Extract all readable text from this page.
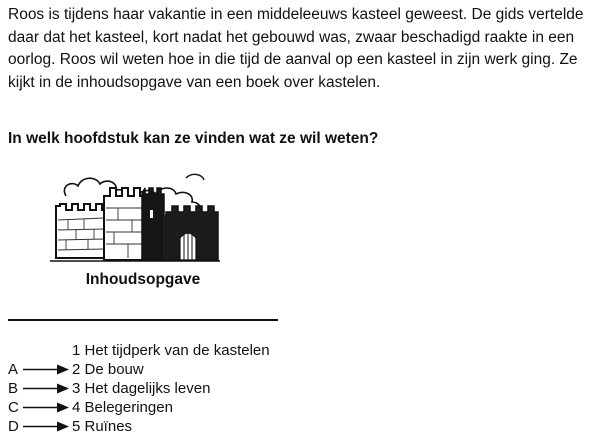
Roos is tijdens haar vakantie in een middeleeuws kasteel geweest. De gids vertelde daar dat het kasteel, kort nadat het gebouwd was, zwaar beschadigd raakte in een oorlog. Roos wil weten hoe in die tijd de aanval op een kasteel in zijn werk ging. Ze kijkt in de inhoudsopgave van een boek over kastelen.

In welk hoofdstuk kan ze vinden wat ze wil weten?

Inhoudsopgave

1 Het tijdperk van de kastelen
A	2 De bouw
B	3 Het dagelijks leven
C	4 Belegeringen
D	5 Ruïnes
